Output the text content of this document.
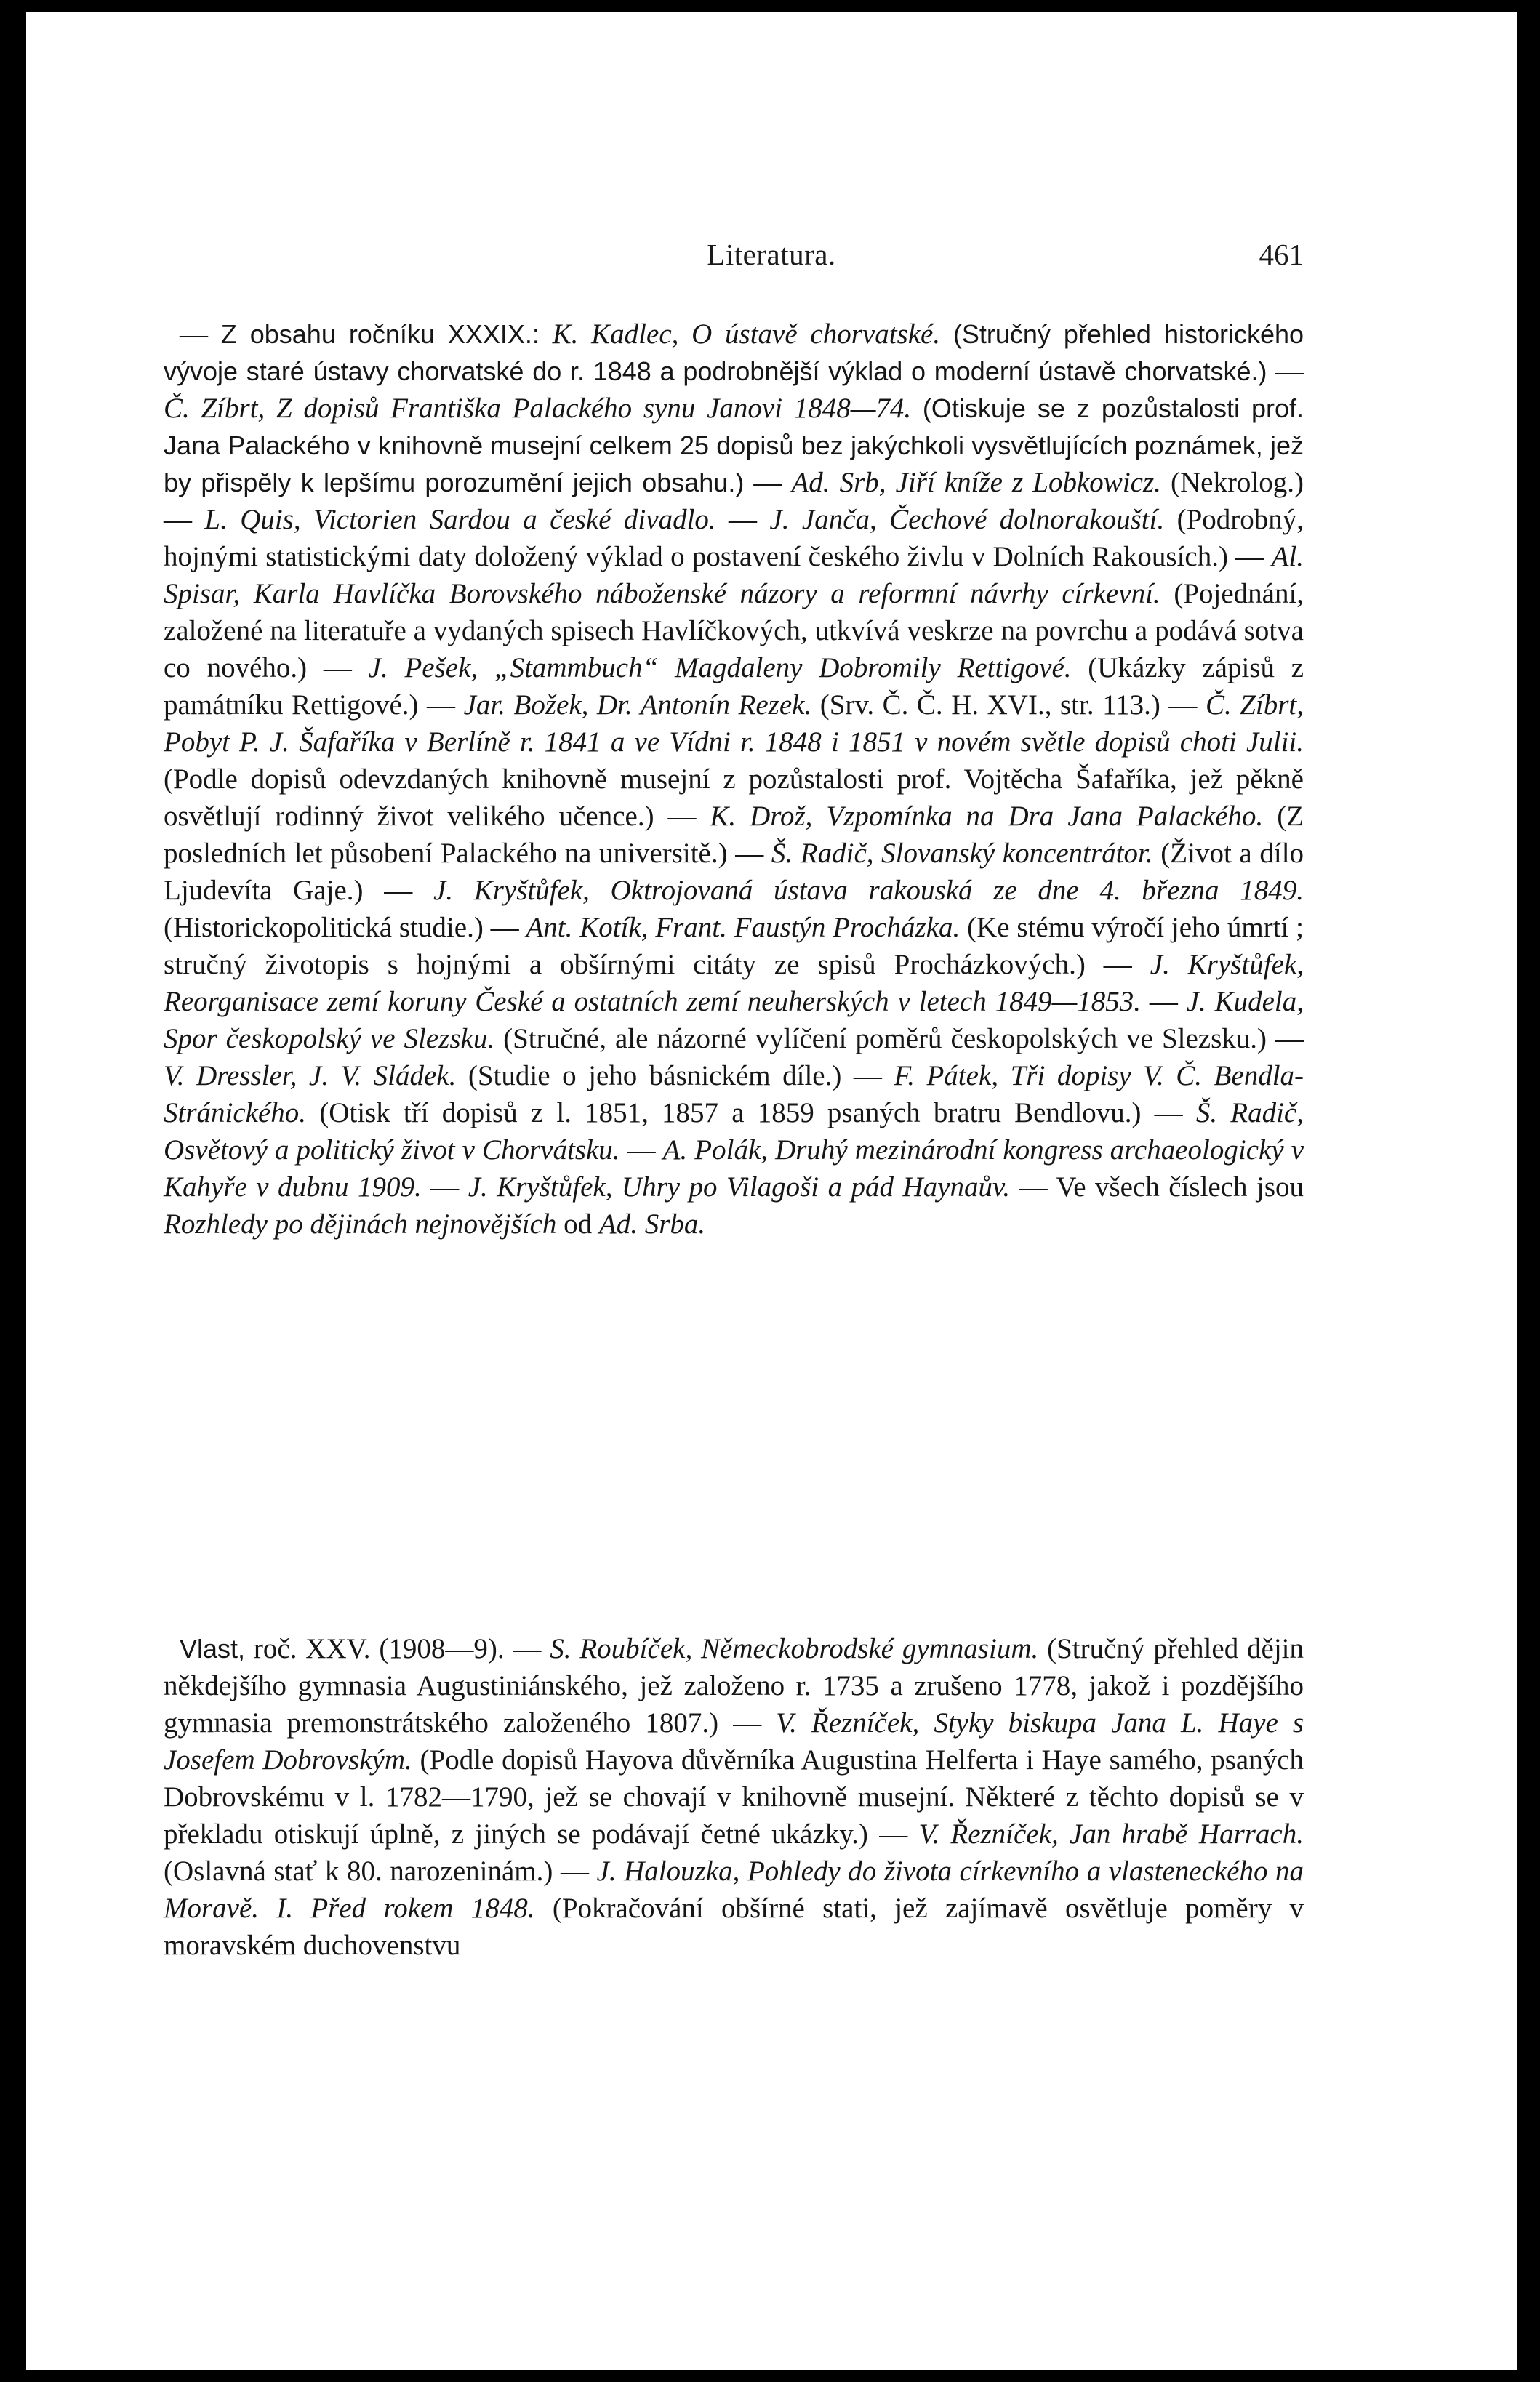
Literatura.	461

— Z obsahu ročníku XXXIX.: K. Kadlec, O ústavě chorvatské. (Stručný přehled historického vývoje staré ústavy chorvatské do r. 1848 a podrobnější výklad o moderní ústavě chorvatské.) — Č. Zíbrt, Z dopisů Františka Palackého synu Janovi 1848—74. (Otiskuje se z pozůstalosti prof. Jana Palackého v knihovně musejní celkem 25 dopisů bez jakýchkoli vysvětlujících poznámek, jež by přispěly k lepšímu porozumění jejich obsahu.) — Ad. Srb, Jiří kníže z Lobkowicz. (Nekrolog.) — L. Quis, Victorien Sardou a české divadlo. — J. Janča, Čechové dolnorakouští. (Podrobný, hojnými statistickými daty doložený výklad o postavení českého živlu v Dolních Rakousích.) — Al. Spisar, Karla Havlíčka Borovského náboženské názory a reformní návrhy církevní. (Pojednání, založené na literatuře a vydaných spisech Havlíčkových, utkvívá veskrze na povrchu a podává sotva co nového.) — J. Pešek, „Stammbuch“ Magdaleny Dobromily Rettigové. (Ukázky zápisů z památníku Rettigové.) — Jar. Božek, Dr. Antonín Rezek. (Srv. Č. Č. H. XVI., str. 113.) — Č. Zíbrt, Pobyt P. J. Šafaříka v Berlíně r. 1841 a ve Vídni r. 1848 i 1851 v novém světle dopisů choti Julii. (Podle dopisů odevzdaných knihovně musejní z pozůstalosti prof. Vojtěcha Šafaříka, jež pěkně osvětlují rodinný život velikého učence.) — K. Drož, Vzpomínka na Dra Jana Palackého. (Z posledních let působení Palackého na universitě.) — Š. Radič, Slovanský koncentrátor. (Život a dílo Ljudevíta Gaje.) — J. Kryštůfek, Oktrojovaná ústava rakouská ze dne 4. března 1849. (Historickopolitická studie.) — Ant. Kotík, Frant. Faustýn Procházka. (Ke stému výročí jeho úmrtí ; stručný životopis s hojnými a obšírnými citáty ze spisů Procházkových.) — J. Kryštůfek, Reorganisace zemí koruny České a ostatních zemí neuherských v letech 1849—1853. — J. Kudela, Spor českopolský ve Slezsku. (Stručné, ale názorné vylíčení poměrů českopolských ve Slezsku.) — V. Dressler, J. V. Sládek. (Studie o jeho básnickém díle.) — F. Pátek, Tři dopisy V. Č. Bendla-Stránického. (Otisk tří dopisů z l. 1851, 1857 a 1859 psaných bratru Bendlovu.) — Š. Radič, Osvětový a politický život v Chorvátsku. — A. Polák, Druhý mezinárodní kongress archaeologický v Kahyře v dubnu 1909. — J. Kryštůfek, Uhry po Vilagoši a pád Haynaův. — Ve všech číslech jsou Rozhledy po dějinách nejnovějších od Ad. Srba.

Vlast, roč. XXV. (1908—9). — S. Roubíček, Německobrodské gymnasium. (Stručný přehled dějin někdejšího gymnasia Augustiniánského, jež založeno r. 1735 a zrušeno 1778, jakož i pozdějšího gymnasia premonstrátského založeného 1807.) — V. Řezníček, Styky biskupa Jana L. Haye s Josefem Dobrovským. (Podle dopisů Hayova důvěrníka Augustina Helferta i Haye samého, psaných Dobrovskému v l. 1782—1790, jež se chovají v knihovně musejní. Některé z těchto dopisů se v překladu otiskují úplně, z jiných se podávají četné ukázky.) — V. Řezníček, Jan hrabě Harrach. (Oslavná stať k 80. narozeninám.) — J. Halouzka, Pohledy do života církevního a vlasteneckého na Moravě. I. Před rokem 1848. (Pokračování obšírné stati, jež zajímavě osvětluje poměry v moravském duchovenstvu
